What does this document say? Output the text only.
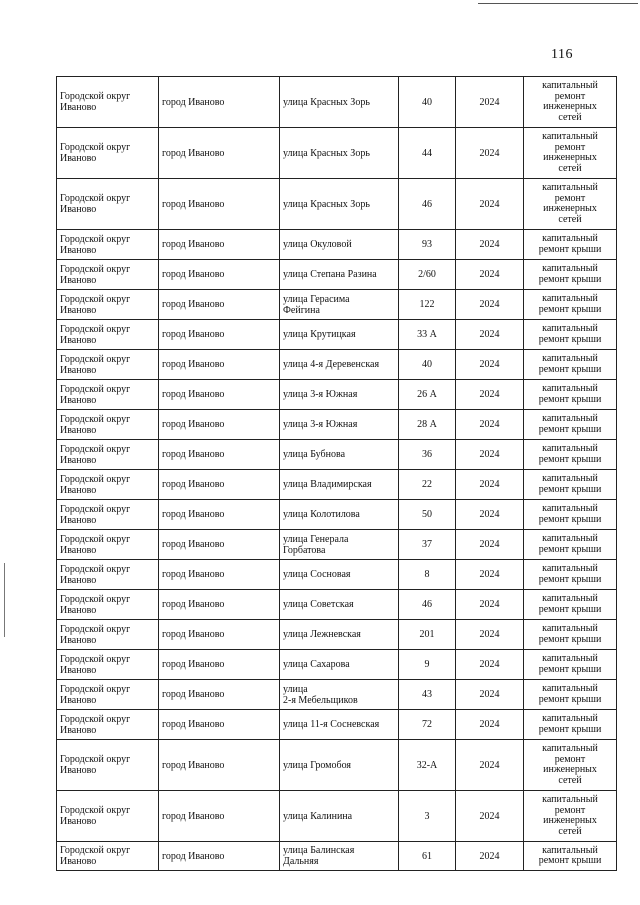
116
Городской округ
Иваново	город Иваново	улица Красных Зорь	40	2024	капитальный
ремонт
инженерных
сетей

Городской округ
Иваново	город Иваново	улица Красных Зорь	44	2024	капитальный
ремонт
инженерных
сетей

Городской округ
Иваново	город Иваново	улица Красных Зорь	46	2024	капитальный
ремонт
инженерных
сетей

Городской округ
Иваново	город Иваново	улица Окуловой	93	2024	капитальный
ремонт крыши

Городской округ
Иваново	город Иваново	улица Степана Разина	2/60	2024	капитальный
ремонт крыши

Городской округ
Иваново	город Иваново	улица Герасима
Фейгина	122	2024	капитальный
ремонт крыши

Городской округ
Иваново	город Иваново	улица Крутицкая	33 А	2024	капитальный
ремонт крыши

Городской округ
Иваново	город Иваново	улица 4-я Деревенская	40	2024	капитальный
ремонт крыши

Городской округ
Иваново	город Иваново	улица 3-я Южная	26 А	2024	капитальный
ремонт крыши

Городской округ
Иваново	город Иваново	улица 3-я Южная	28 А	2024	капитальный
ремонт крыши

Городской округ
Иваново	город Иваново	улица Бубнова	36	2024	капитальный
ремонт крыши

Городской округ
Иваново	город Иваново	улица Владимирская	22	2024	капитальный
ремонт крыши

Городской округ
Иваново	город Иваново	улица Колотилова	50	2024	капитальный
ремонт крыши

Городской округ
Иваново	город Иваново	улица Генерала
Горбатова	37	2024	капитальный
ремонт крыши

Городской округ
Иваново	город Иваново	улица Сосновая	8	2024	капитальный
ремонт крыши

Городской округ
Иваново	город Иваново	улица Советская	46	2024	капитальный
ремонт крыши

Городской округ
Иваново	город Иваново	улица Лежневская	201	2024	капитальный
ремонт крыши

Городской округ
Иваново	город Иваново	улица Сахарова	9	2024	капитальный
ремонт крыши

Городской округ
Иваново	город Иваново	улица
2-я Мебельщиков	43	2024	капитальный
ремонт крыши

Городской округ
Иваново	город Иваново	улица 11-я Сосневская	72	2024	капитальный
ремонт крыши

Городской округ
Иваново	город Иваново	улица Громобоя	32-А	2024	капитальный
ремонт
инженерных
сетей

Городской округ
Иваново	город Иваново	улица Калинина	3	2024	капитальный
ремонт
инженерных
сетей

Городской округ
Иваново	город Иваново	улица Балинская
Дальняя	61	2024	капитальный
ремонт крыши
